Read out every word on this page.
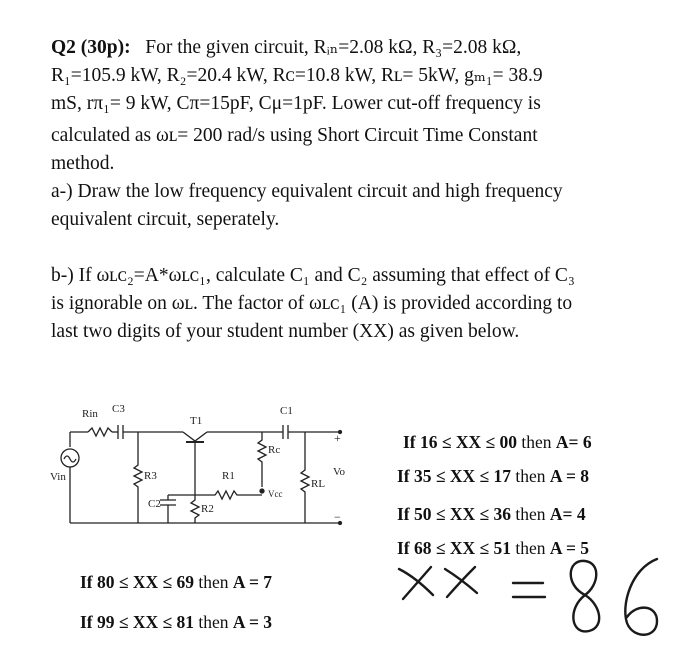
Q2 (30p): For the given circuit, Rᵢₙ=2.08 kΩ, R₃=2.08 kΩ,
R₁=105.9 kW, R₂=20.4 kW, Rᴄ=10.8 kW, Rʟ= 5kW, gₘ₁= 38.9
mS, rπ₁= 9 kW, Cπ=15pF, Cμ=1pF. Lower cut-off frequency is
calculated as ωʟ= 200 rad/s using Short Circuit Time Constant
method.
a-) Draw the low frequency equivalent circuit and high frequency
equivalent circuit, seperately.
b-) If ωʟᴄ₂=A*ωʟᴄ₁, calculate C₁ and C₂ assuming that effect of C₃
is ignorable on ωʟ. The factor of ωʟᴄ₁ (A) is provided according to
last two digits of your student number (XX) as given below.
Rin C3
T1
C1
Rc
Vin	R3	R1
Vcc
RL
Vo
C2	R2
+
−
If 16 ≤ XX ≤ 00 then A= 6
If 35 ≤ XX ≤ 17 then A = 8
If 50 ≤ XX ≤ 36 then A= 4
If 68 ≤ XX ≤ 51 then A = 5
If 80 ≤ XX ≤ 69 then A = 7
If 99 ≤ XX ≤ 81 then A = 3
